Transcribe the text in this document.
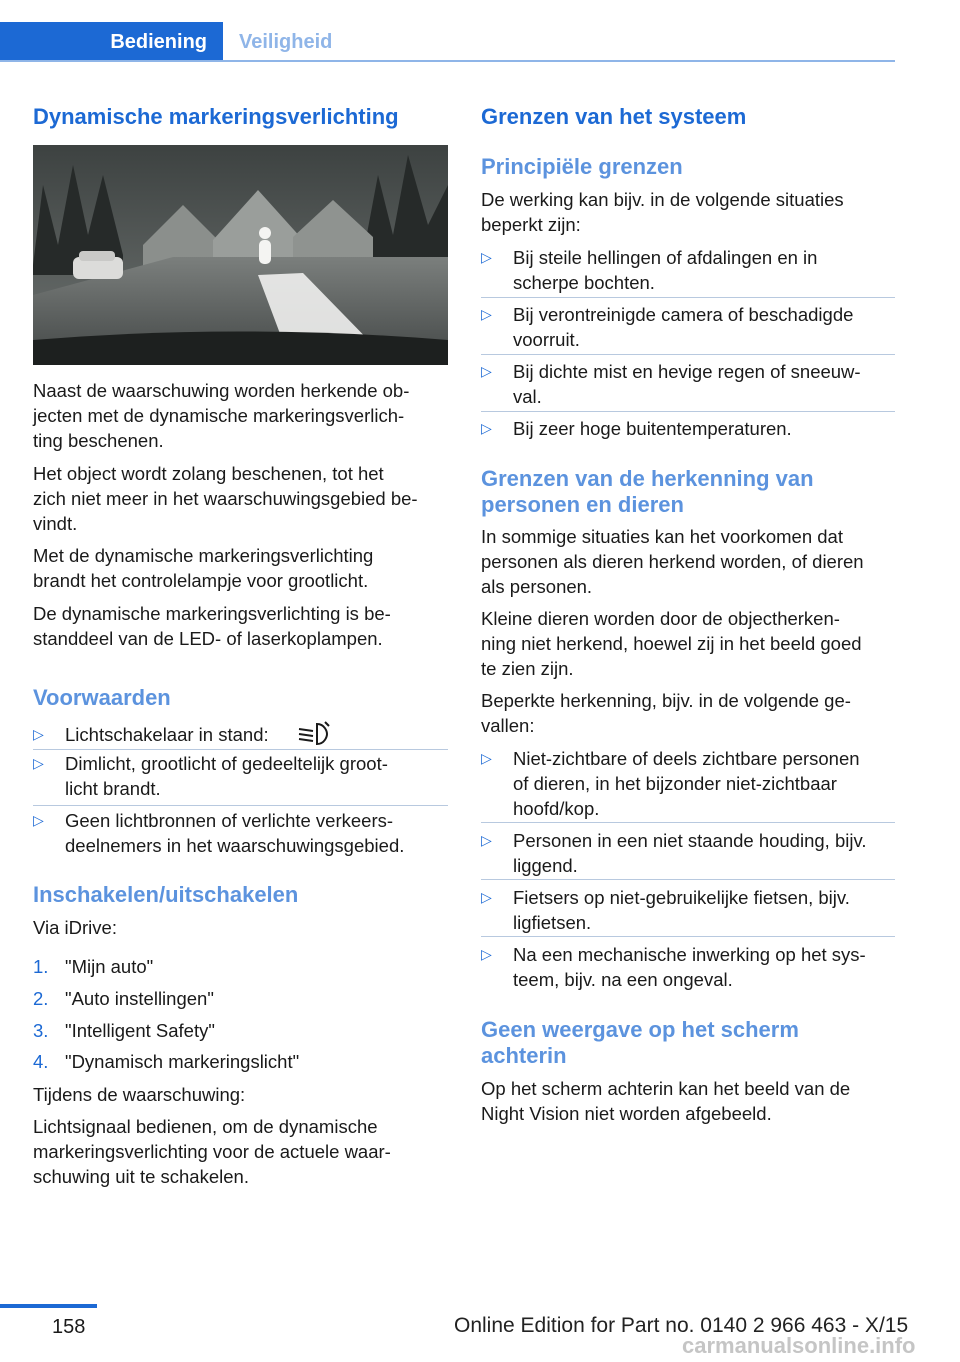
Bediening	Veiligheid
Dynamische markeringsverlichting

Naast de waarschuwing worden herkende ob‐

jecten met de dynamische markeringsverlich‐

ting beschenen.

Het object wordt zolang beschenen, tot het

zich niet meer in het waarschuwingsgebied be‐

vindt.

Met de dynamische markeringsverlichting

brandt het controlelampje voor grootlicht.

De dynamische markeringsverlichting is be‐

standdeel van de LED- of laserkoplampen.

Voorwaarden
▷ Lichtschakelaar in stand:
▷ Dimlicht, grootlicht of gedeeltelijk groot‐
licht brandt.
▷ Geen lichtbronnen of verlichte verkeers‐
deelnemers in het waarschuwingsgebied.
Inschakelen/uitschakelen

Via iDrive:

1. "Mijn auto"
2. "Auto instellingen"
3. "Intelligent Safety"
4. "Dynamisch markeringslicht"

Tijdens de waarschuwing:

Lichtsignaal bedienen, om de dynamische

markeringsverlichting voor de actuele waar‐

schuwing uit te schakelen.

Grenzen van het systeem
Principiële grenzen

De werking kan bijv. in de volgende situaties

beperkt zijn:

▷ Bij steile hellingen of afdalingen en in
scherpe bochten.
▷ Bij verontreinigde camera of beschadigde
voorruit.
▷ Bij dichte mist en hevige regen of sneeuw‐
val.
▷ Bij zeer hoge buitentemperaturen.
Grenzen van de herkenning van
personen en dieren

In sommige situaties kan het voorkomen dat

personen als dieren herkend worden, of dieren

als personen.

Kleine dieren worden door de objectherken‐

ning niet herkend, hoewel zij in het beeld goed

te zien zijn.

Beperkte herkenning, bijv. in de volgende ge‐

vallen:

▷ Niet-zichtbare of deels zichtbare personen
of dieren, in het bijzonder niet-zichtbaar
hoofd/kop.
▷ Personen in een niet staande houding, bijv.
liggend.
▷ Fietsers op niet-gebruikelijke fietsen, bijv.
ligfietsen.
▷ Na een mechanische inwerking op het sys‐
teem, bijv. na een ongeval.
Geen weergave op het scherm
achterin

Op het scherm achterin kan het beeld van de

Night Vision niet worden afgebeeld.

158	Online Edition for Part no. 0140 2 966 463 - X/15
carmanualsonline.info
